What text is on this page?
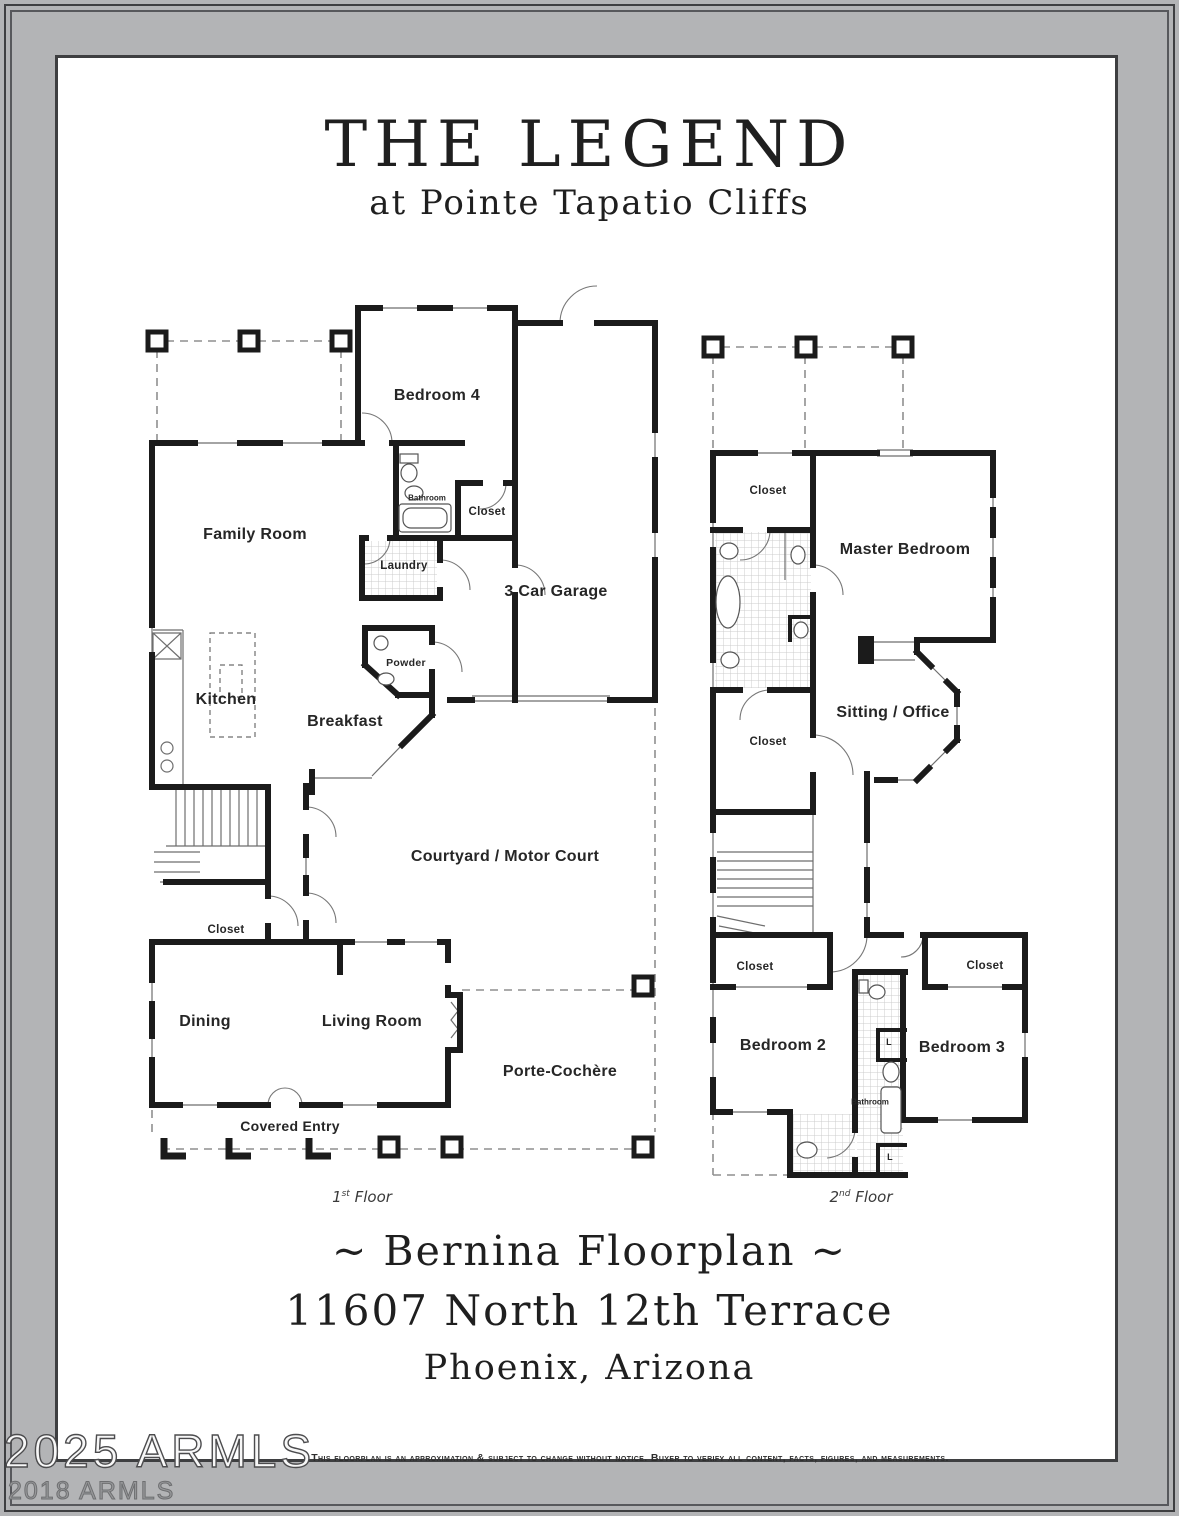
THE LEGEND
at Pointe Tapatio Cliffs
Bedroom 4
Family Room
Bathroom
Closet
Laundry
3 Car Garage
Kitchen
Powder
Breakfast
Courtyard / Motor Court
Closet
Dining	Living Room
Porte-Cochère
Covered Entry
Closet
Master Bedroom
Sitting / Office
Closet
Closet	Closet
Bedroom 2	Bedroom 3
Bathroom
L
L
1st Floor	2nd Floor
~ Bernina Floorplan ~
11607 North 12th Terrace
Phoenix, Arizona
This floorplan is an approximation & subject to change without notice. Buyer to verify all content, facts, figures, and measurements.
2025 ARMLS
2018 ARMLS
